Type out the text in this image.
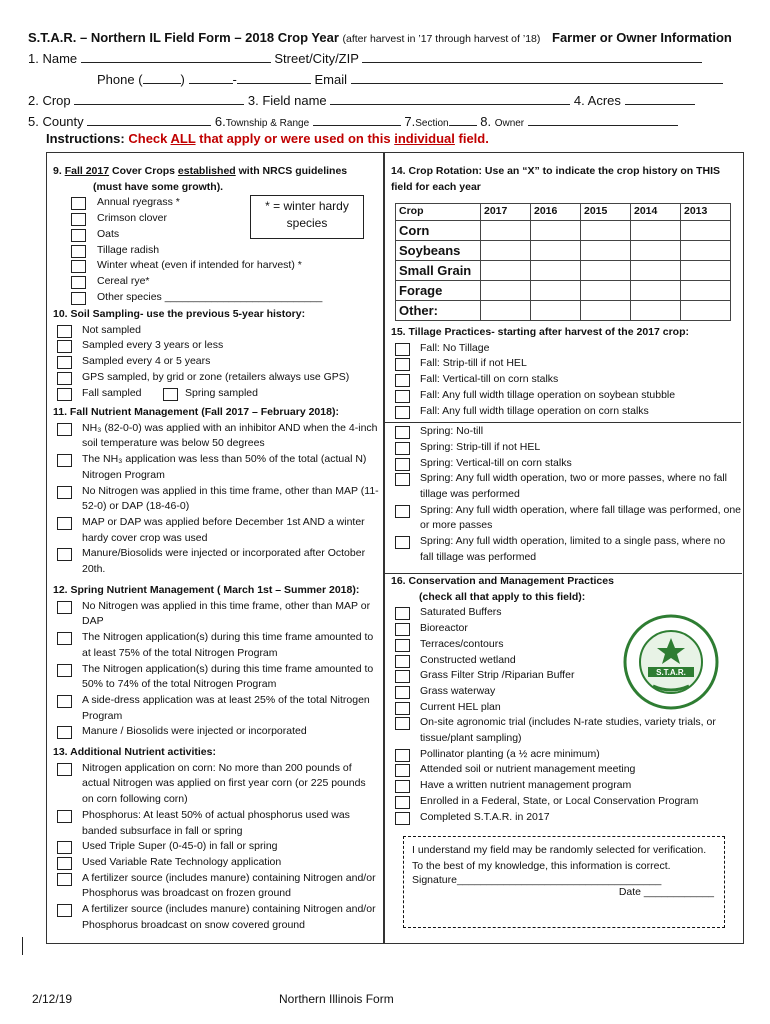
S.T.A.R. – Northern IL Field Form – 2018 Crop Year (after harvest in ’17 through harvest of ’18) Farmer or Owner Information
1. Name	Street/City/ZIP
Phone (	)	-	Email
2. Crop	3. Field name	4. Acres
5. County	6.Township & Range	7.Section 8. Owner
Instructions: Check ALL that apply or were used on this individual field.
9. Fall 2017 Cover Crops established with NRCS guidelines
(must have some growth).
Annual ryegrass *
Crimson clover
Oats
Tillage radish
Winter wheat (even if intended for harvest) *
Cereal rye*
Other species ___________________________
* = winter hardy species
10. Soil Sampling- use the previous 5-year history:
Not sampled
Sampled every 3 years or less
Sampled every 4 or 5 years
GPS sampled, by grid or zone (retailers always use GPS)
Fall sampled	Spring sampled
11. Fall Nutrient Management (Fall 2017 – February 2018):
NH₃ (82-0-0) was applied with an inhibitor AND when the 4-inch soil temperature was below 50 degrees
The NH₃ application was less than 50% of the total (actual N) Nitrogen Program
No Nitrogen was applied in this time frame, other than MAP (11-52-0) or DAP (18-46-0)
MAP or DAP was applied before December 1st AND a winter hardy cover crop was used
Manure/Biosolids were injected or incorporated after October 20th.
12. Spring Nutrient Management ( March 1st – Summer 2018):
No Nitrogen was applied in this time frame, other than MAP or DAP
The Nitrogen application(s) during this time frame amounted to at least 75% of the total Nitrogen Program
The Nitrogen application(s) during this time frame amounted to 50% to 74% of the total Nitrogen Program
A side-dress application was at least 25% of the total Nitrogen Program
Manure / Biosolids were injected or incorporated
13. Additional Nutrient activities:
Nitrogen application on corn: No more than 200 pounds of actual Nitrogen was applied on first year corn (or 225 pounds on corn following corn)
Phosphorus: At least 50% of actual phosphorus used was banded subsurface in fall or spring
Used Triple Super (0-45-0) in fall or spring
Used Variable Rate Technology application
A fertilizer source (includes manure) containing Nitrogen and/or Phosphorus was broadcast on frozen ground
A fertilizer source (includes manure) containing Nitrogen and/or Phosphorus broadcast on snow covered ground
14. Crop Rotation: Use an “X” to indicate the crop history on THIS field for each year
Crop	2017	2016	2015	2014	2013
Corn					
Soybeans					
Small Grain					
Forage					
Other:					
15. Tillage Practices- starting after harvest of the 2017 crop:
Fall: No Tillage
Fall: Strip-till if not HEL
Fall: Vertical-till on corn stalks
Fall: Any full width tillage operation on soybean stubble
Fall: Any full width tillage operation on corn stalks
Spring: No-till
Spring: Strip-till if not HEL
Spring: Vertical-till on corn stalks
Spring: Any full width operation, two or more passes, where no fall tillage was performed
Spring: Any full width operation, where fall tillage was performed, one or more passes
Spring: Any full width operation, limited to a single pass, where no fall tillage was performed
16. Conservation and Management Practices
(check all that apply to this field):
Saturated Buffers
Bioreactor
Terraces/contours
Constructed wetland
Grass Filter Strip /Riparian Buffer
Grass waterway
Current HEL plan
On-site agronomic trial (includes N-rate studies, variety trials, or tissue/plant sampling)
Pollinator planting (a ½ acre minimum)
Attended soil or nutrient management meeting
Have a written nutrient management program
Enrolled in a Federal, State, or Local Conservation Program
Completed S.T.A.R. in 2017
S.T.A.R.
I understand my field may be randomly selected for verification. To the best of my knowledge, this information is correct.
Signature___________________________________
Date ____________
2/12/19	Northern Illinois Form
